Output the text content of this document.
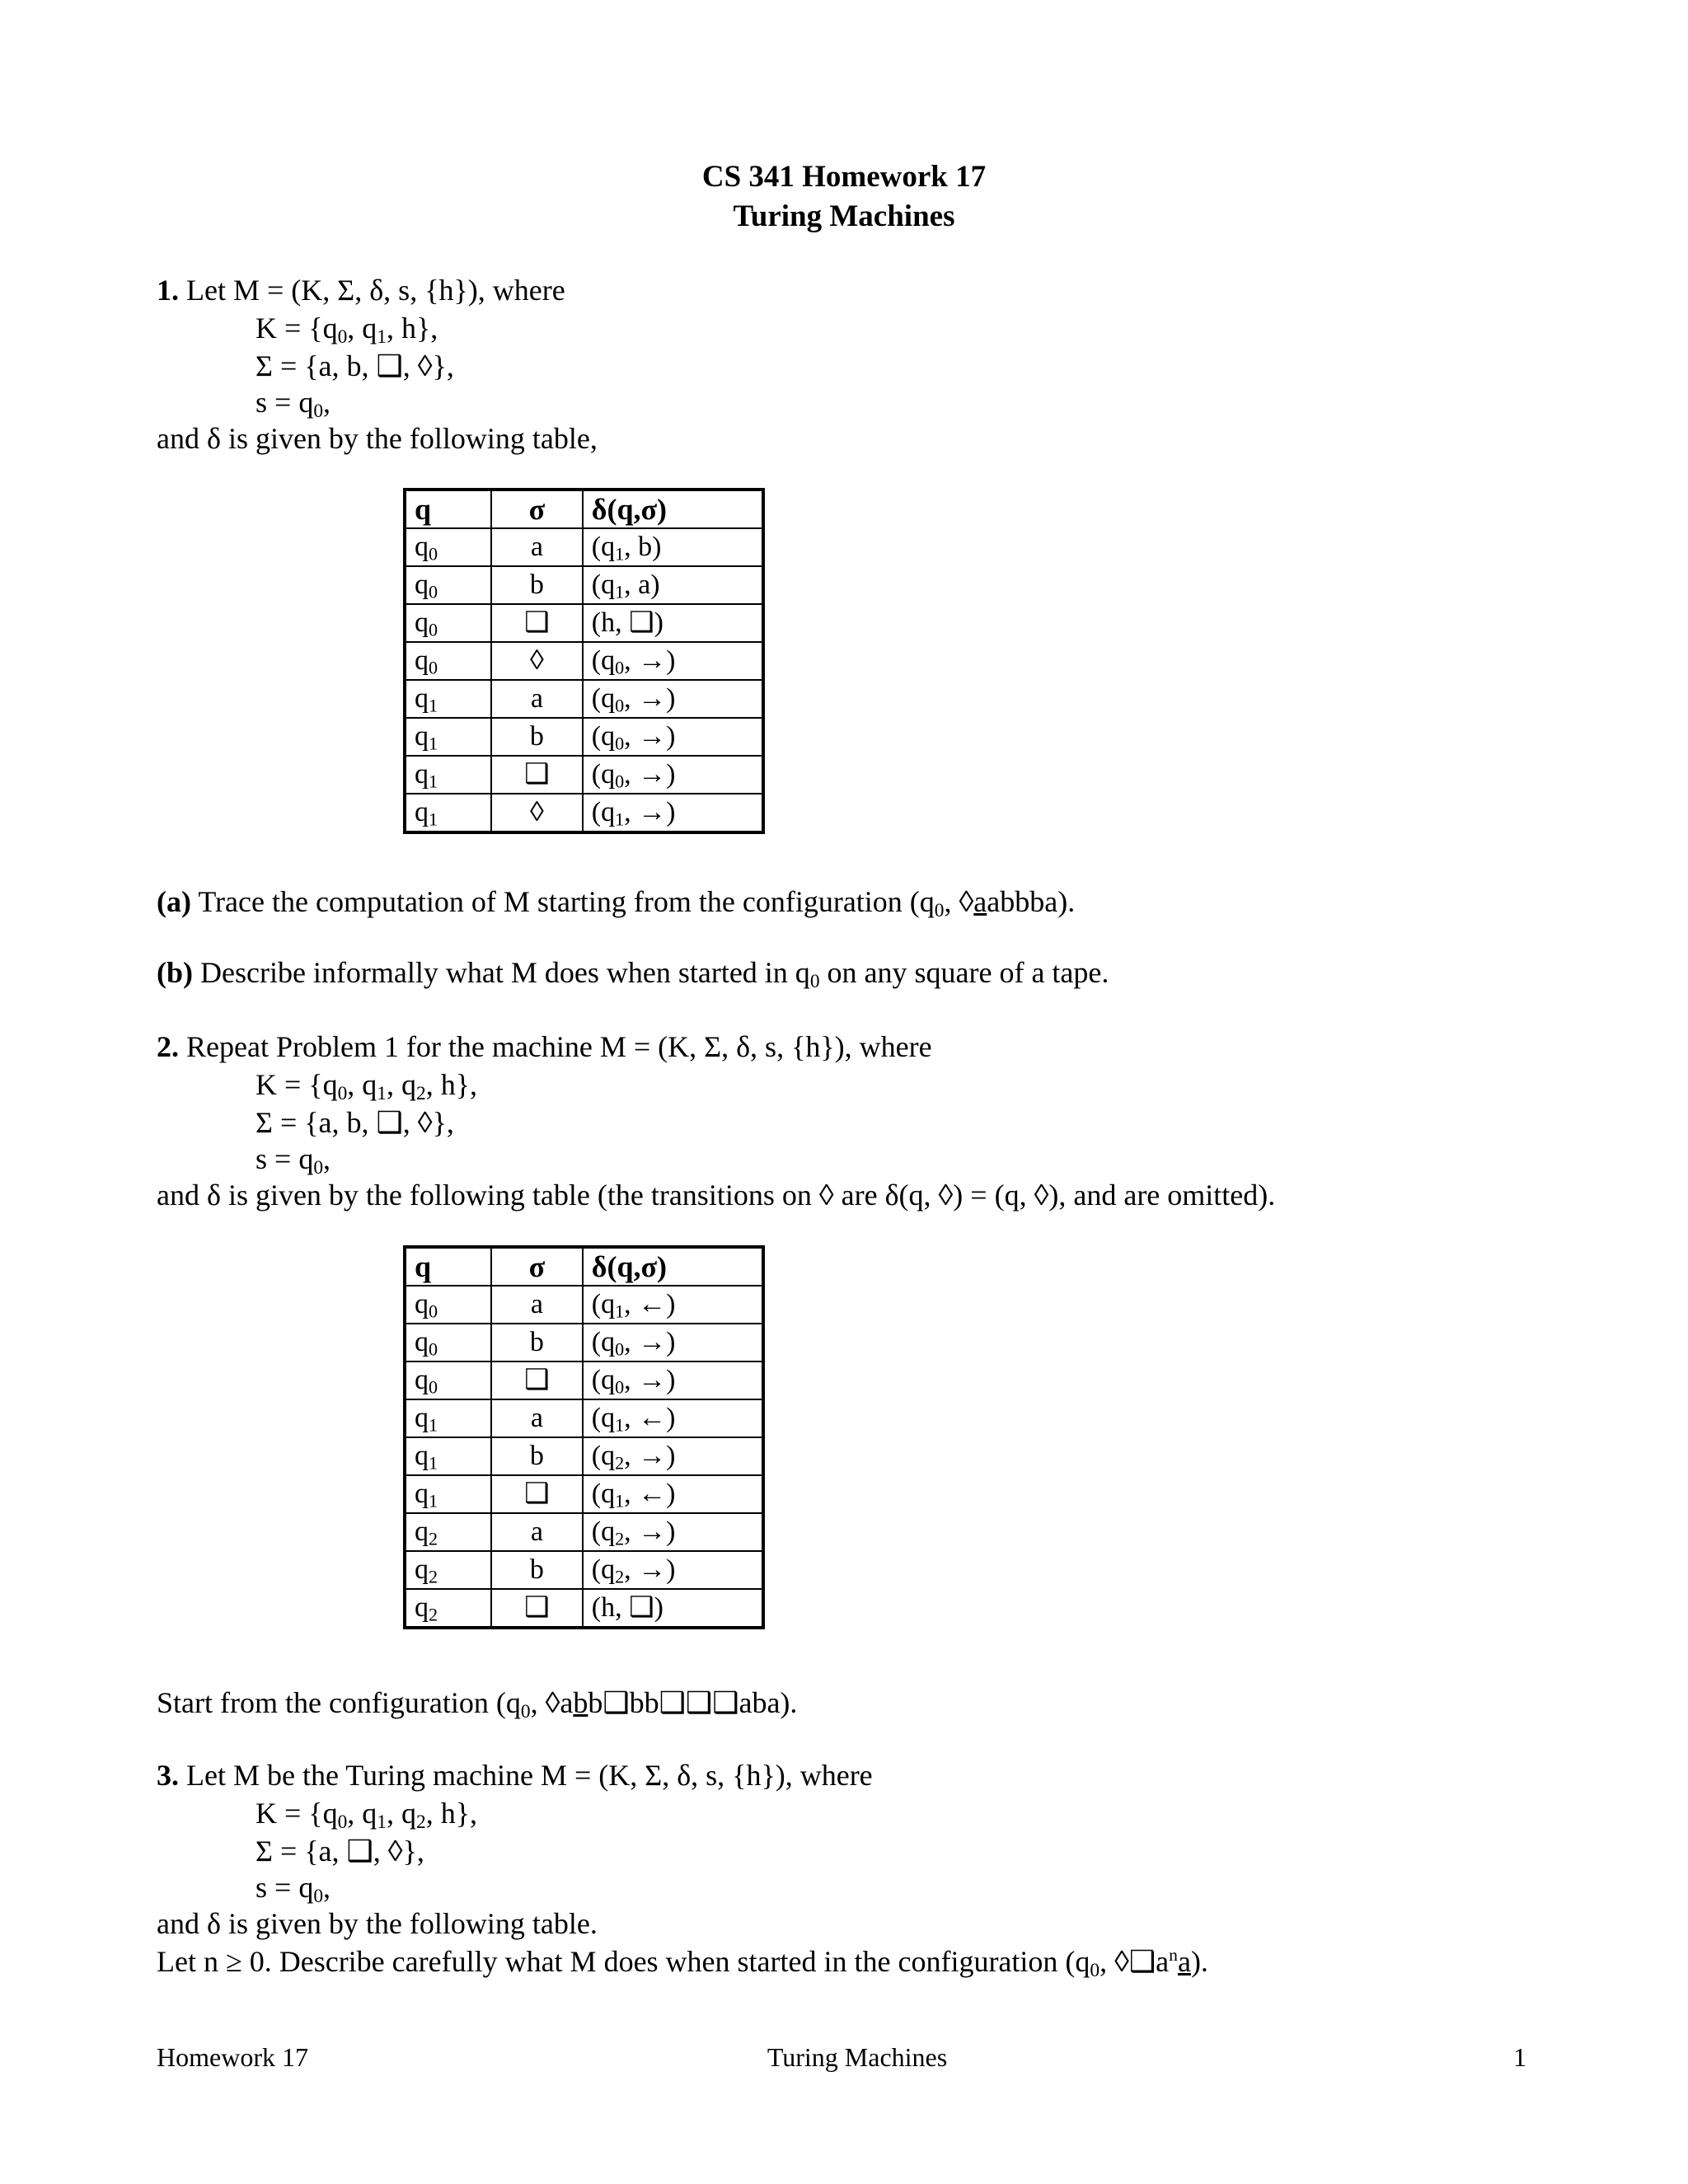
CS 341 Homework 17
Turing Machines
1. Let M = (K, Σ, δ, s, {h}), where
$K = \{q_0$, $q_1$, h},
Σ = {a, b, ❑, ◊},
$s = q_0$,
and δ is given by the following table,
q	σ	δ(q,σ)
$q_0$	a	($q_1$, b)
$q_0$	b	($q_1$, a)
$q_0$	❑	(h, ❑)
$q_0$	◊	($q_0$, →)
$q_1$	a	($q_0$, →)
$q_1$	b	($q_0$, →)
$q_1$	❑	($q_0$, →)
$q_1$	◊	($q_1$, →)
(a) Trace the computation of M starting from the configuration ($q_0$, ◊aabbba).
(b) Describe informally what M does when started in $q_0$ on any square of a tape.
2. Repeat Problem 1 for the machine M = (K, Σ, δ, s, {h}), where
$K = \{q_0$, $q_1$, $q_2$, h},
Σ = {a, b, ❑, ◊},
$s = q_0$,
and δ is given by the following table (the transitions on ◊ are δ(q, ◊) = (q, ◊), and are omitted).
q	σ	δ(q,σ)
$q_0$	a	($q_1$, ←)
$q_0$	b	($q_0$, →)
$q_0$	❑	($q_0$, →)
$q_1$	a	($q_1$, ←)
$q_1$	b	($q_2$, →)
$q_1$	❑	($q_1$, ←)
$q_2$	a	($q_2$, →)
$q_2$	b	($q_2$, →)
$q_2$	❑	(h, ❑)
Start from the configuration ($q_0$, ◊abb❑bb❑❑❑aba).
3. Let M be the Turing machine M = (K, Σ, δ, s, {h}), where
$K = \{q_0$, $q_1$, $q_2$, h},
Σ = {a, ❑, ◊},
$s = q_0$,
and δ is given by the following table.
Let n ≥ 0. Describe carefully what M does when started in the configuration ($q_0$, $◊❑a^na$).
Homework 17	Turing Machines	1
